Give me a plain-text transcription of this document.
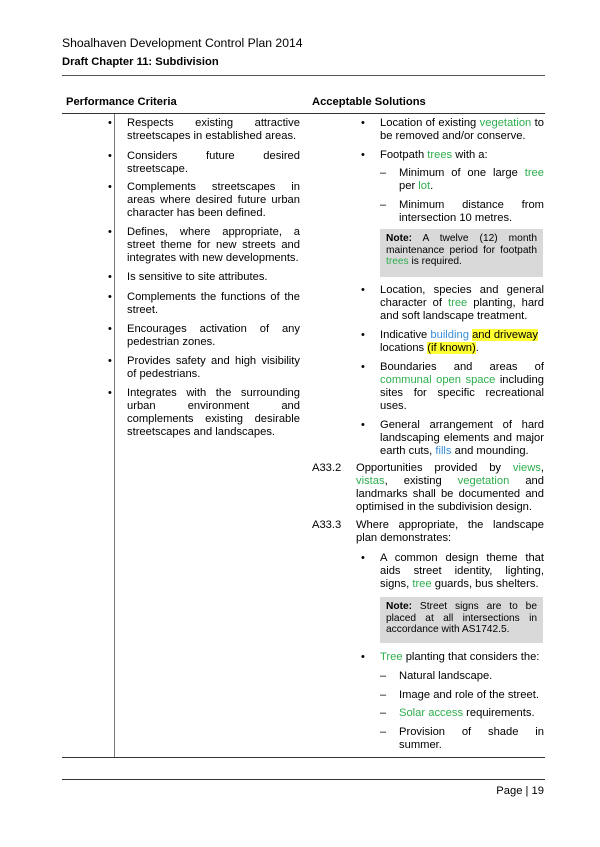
Shoalhaven Development Control Plan 2014
Draft Chapter 11: Subdivision
Performance Criteria	Acceptable Solutions
• Respects existing attractive streetscapes in established areas.
• Considers future desired streetscape.
• Complements streetscapes in areas where desired future urban character has been defined.
• Defines, where appropriate, a street theme for new streets and integrates with new developments.
• Is sensitive to site attributes.
• Complements the functions of the street.
• Encourages activation of any pedestrian zones.
• Provides safety and high visibility of pedestrians.
• Integrates with the surrounding urban environment and complements existing desirable streetscapes and landscapes.
• Location of existing vegetation to be removed and/or conserve.
• Footpath trees with a:
– Minimum of one large tree per lot.
– Minimum distance from intersection 10 metres.
Note: A twelve (12) month maintenance period for footpath trees is required.
• Location, species and general character of tree planting, hard and soft landscape treatment.
• Indicative building and driveway locations (if known).
• Boundaries and areas of communal open space including sites for specific recreational uses.
• General arrangement of hard landscaping elements and major earth cuts, fills and mounding.
A33.2 Opportunities provided by views, vistas, existing vegetation and landmarks shall be documented and optimised in the subdivision design.
A33.3 Where appropriate, the landscape plan demonstrates:
• A common design theme that aids street identity, lighting, signs, tree guards, bus shelters.
Note: Street signs are to be placed at all intersections in accordance with AS1742.5.
• Tree planting that considers the:
– Natural landscape.
– Image and role of the street.
– Solar access requirements.
– Provision of shade in summer.
Page | 19
